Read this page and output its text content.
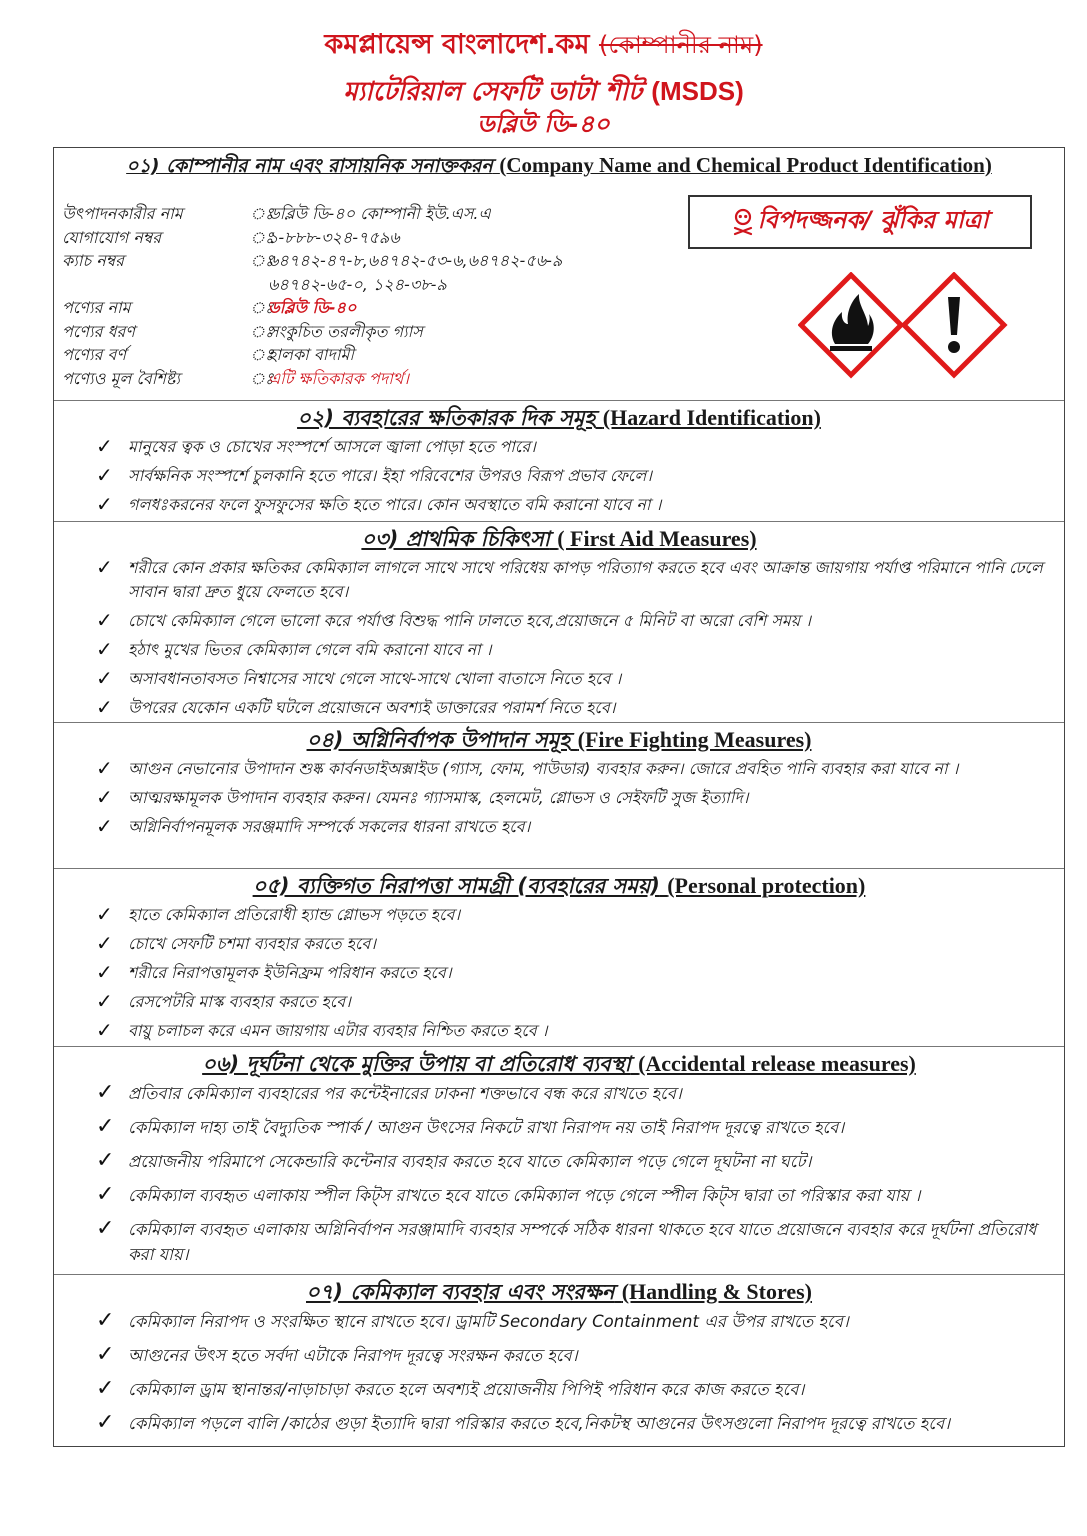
কমপ্লায়েন্স বাংলাদেশ.কম (কোম্পানীর নাম)
ম্যাটেরিয়াল সেফটি ডাটা শীট (MSDS)
ডব্লিউ ডি-৪০
০১) কোম্পানীর নাম এবং রাসায়নিক সনাক্তকরন (Company Name and Chemical Product Identification)
উৎপাদনকারীর নাম	ঃ
ডব্লিউ ডি-৪০ কোম্পানী ইউ.এস.এ
যোগাযোগ নম্বর	ঃ
১-৮৮৮-৩২৪-৭৫৯৬
ক্যাচ নম্বর	ঃ
৬৪৭৪২-৪৭-৮,৬৪৭৪২-৫৩-৬,৬৪৭৪২-৫৬-৯
৬৪৭৪২-৬৫-০, ১২৪-৩৮-৯
পণ্যের নাম	ঃ
ডব্লিউ ডি-৪০
পণ্যের ধরণ	ঃ
সংকুচিত তরলীকৃত গ্যাস
পণ্যের বর্ণ	ঃ
হালকা বাদামী
পণ্যেও মূল বৈশিষ্ট্য	ঃ
এটি ক্ষতিকারক পদার্থ।
বিপদজ্জনক/ ঝুঁকির মাত্রা
০২) ব্যবহারের ক্ষতিকারক দিক সমূহ (Hazard Identification)
✓ মানুষের ত্বক ও চোখের সংস্পর্শে আসলে জ্বালা পোড়া হতে পারে।
✓ সার্বক্ষনিক সংস্পর্শে চুলকানি হতে পারে। ইহা পরিবেশের উপরও বিরূপ প্রভাব ফেলে।
✓ গলধঃকরনের ফলে ফুসফুসের ক্ষতি হতে পারে। কোন অবস্থাতে বমি করানো যাবে না ।
০৩) প্রাথমিক চিকিৎসা ( First Aid Measures)
✓ শরীরে কোন প্রকার ক্ষতিকর কেমিক্যাল লাগলে সাথে সাথে পরিধেয় কাপড় পরিত্যাগ করতে হবে এবং আক্রান্ত জায়গায় পর্যাপ্ত পরিমানে পানি ঢেলে সাবান দ্বারা দ্রুত ধুয়ে ফেলতে হবে।
✓ চোখে কেমিক্যাল গেলে ভালো করে পর্যাপ্ত বিশুদ্ধ পানি ঢালতে হবে,প্রয়োজনে ৫ মিনিট বা অরো বেশি সময় ।
✓ হঠাৎ মুখের ভিতর কেমিক্যাল গেলে বমি করানো যাবে না ।
✓ অসাবধানতাবসত নিশ্বাসের সাথে গেলে সাথে-সাথে খোলা বাতাসে নিতে হবে ।
✓ উপরের যেকোন একটি ঘটলে প্রয়োজনে অবশ্যই ডাক্তারের পরামর্শ নিতে হবে।
০৪) অগ্নিনির্বাপক উপাদান সমূহ (Fire Fighting Measures)
✓ আগুন নেভানোর উপাদান শুষ্ক কার্বনডাইঅক্সাইড (গ্যাস, ফোম, পাউডার) ব্যবহার করুন। জোরে প্রবহিত পানি ব্যবহার করা যাবে না ।
✓ আত্মরক্ষামূলক উপাদান ব্যবহার করুন। যেমনঃ গ্যাসমাস্ক, হেলমেট, গ্লোভস ও সেইফটি সুজ ইত্যাদি।
✓ অগ্নিনির্বাপনমূলক সরঞ্জমাদি সম্পর্কে সকলের ধারনা রাখতে হবে।
০৫) ব্যক্তিগত নিরাপত্তা সামগ্রী (ব্যবহারের সময়) (Personal protection)
✓ হাতে কেমিক্যাল প্রতিরোধী হ্যান্ড গ্লোভস পড়তে হবে।
✓ চোখে সেফটি চশমা ব্যবহার করতে হবে।
✓ শরীরে নিরাপত্তামূলক ইউনিফ্রম পরিধান করতে হবে।
✓ রেসপেটরি মাস্ক ব্যবহার করতে হবে।
✓ বায়ু চলাচল করে এমন জায়গায় এটার ব্যবহার নিশ্চিত করতে হবে ।
০৬) দূর্ঘটনা থেকে মুক্তির উপায় বা প্রতিরোধ ব্যবস্থা (Accidental release measures)
✓ প্রতিবার কেমিক্যাল ব্যবহারের পর কন্টেইনারের ঢাকনা শক্তভাবে বন্ধ করে রাখতে হবে।
✓ কেমিক্যাল দাহ্য তাই বৈদ্যুতিক স্পার্ক / আগুন উৎসের নিকটে রাখা নিরাপদ নয় তাই নিরাপদ দূরত্বে রাখতে হবে।
✓ প্রয়োজনীয় পরিমাপে সেকেন্ডারি কন্টেনার ব্যবহার করতে হবে যাতে কেমিক্যাল পড়ে গেলে দূঘটনা না ঘটে।
✓ কেমিক্যাল ব্যবহৃত এলাকায় স্পীল কিট্স রাখতে হবে যাতে কেমিক্যাল পড়ে গেলে স্পীল কিট্স দ্বারা তা পরিস্কার করা যায় ।
✓ কেমিক্যাল ব্যবহৃত এলাকায় অগ্নিনির্বাপন সরঞ্জামাদি ব্যবহার সম্পর্কে সঠিক ধারনা থাকতে হবে যাতে প্রয়োজনে ব্যবহার করে দূর্ঘটনা প্রতিরোধ করা যায়।
০৭) কেমিক্যাল ব্যবহার এবং সংরক্ষন (Handling & Stores)
✓ কেমিক্যাল নিরাপদ ও সংরক্ষিত স্থানে রাখতে হবে। ড্রামটি Secondary Containment এর উপর রাখতে হবে।
✓ আগুনের উৎস হতে সর্বদা এটাকে নিরাপদ দূরত্বে সংরক্ষন করতে হবে।
✓ কেমিক্যাল ড্রাম স্থানান্তর/নাড়াচাড়া করতে হলে অবশ্যই প্রয়োজনীয় পিপিই পরিধান করে কাজ করতে হবে।
✓ কেমিক্যাল পড়লে বালি /কাঠের গুড়া ইত্যাদি দ্বারা পরিস্কার করতে হবে,নিকটস্থ আগুনের উৎসগুলো নিরাপদ দূরত্বে রাখতে হবে।
